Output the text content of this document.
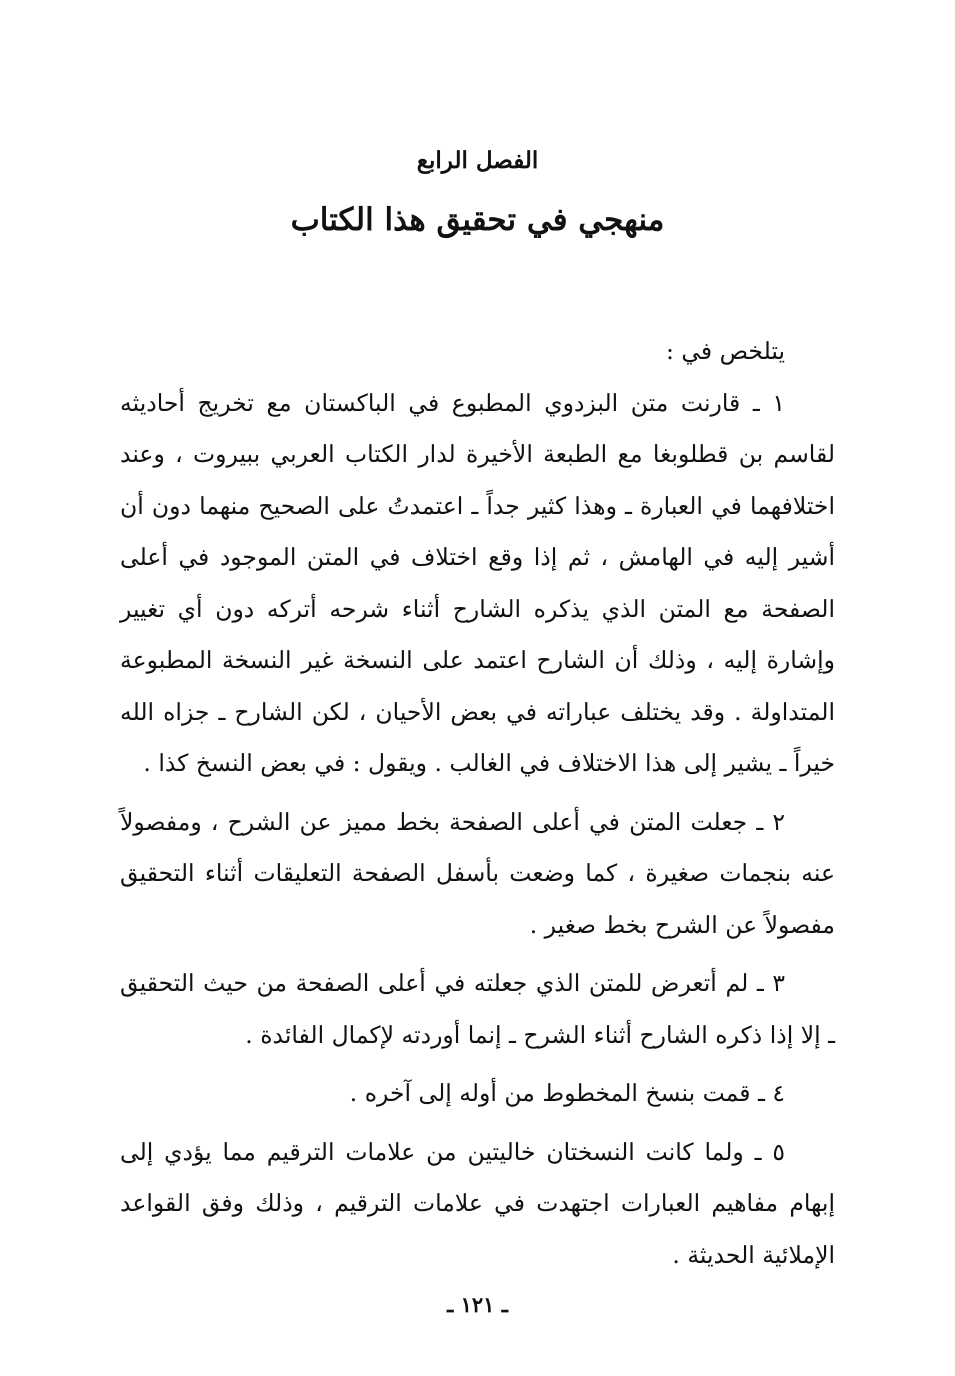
الفصل الرابع
منهجي في تحقيق هذا الكتاب

يتلخص في :

١ ـ قارنت متن البزدوي المطبوع في الباكستان مع تخريج أحاديثه لقاسم بن قطلوبغا مع الطبعة الأخيرة لدار الكتاب العربي ببيروت ، وعند اختلافهما في العبارة ـ وهذا كثير جداً ـ اعتمدتُ على الصحيح منهما دون أن أشير إليه في الهامش ، ثم إذا وقع اختلاف في المتن الموجود في أعلى الصفحة مع المتن الذي يذكره الشارح أثناء شرحه أتركه دون أي تغيير وإشارة إليه ، وذلك أن الشارح اعتمد على النسخة غير النسخة المطبوعة المتداولة . وقد يختلف عباراته في بعض الأحيان ، لكن الشارح ـ جزاه الله خيراً ـ يشير إلى هذا الاختلاف في الغالب . ويقول : في بعض النسخ كذا .

٢ ـ جعلت المتن في أعلى الصفحة بخط مميز عن الشرح ، ومفصولاً عنه بنجمات صغيرة ، كما وضعت بأسفل الصفحة التعليقات أثناء التحقيق مفصولاً عن الشرح بخط صغير .

٣ ـ لم أتعرض للمتن الذي جعلته في أعلى الصفحة من حيث التحقيق ـ إلا إذا ذكره الشارح أثناء الشرح ـ إنما أوردته لإكمال الفائدة .

٤ ـ قمت بنسخ المخطوط من أوله إلى آخره .

٥ ـ ولما كانت النسختان خاليتين من علامات الترقيم مما يؤدي إلى إبهام مفاهيم العبارات اجتهدت في علامات الترقيم ، وذلك وفق القواعد الإملائية الحديثة .

ـ ١٢١ ـ
